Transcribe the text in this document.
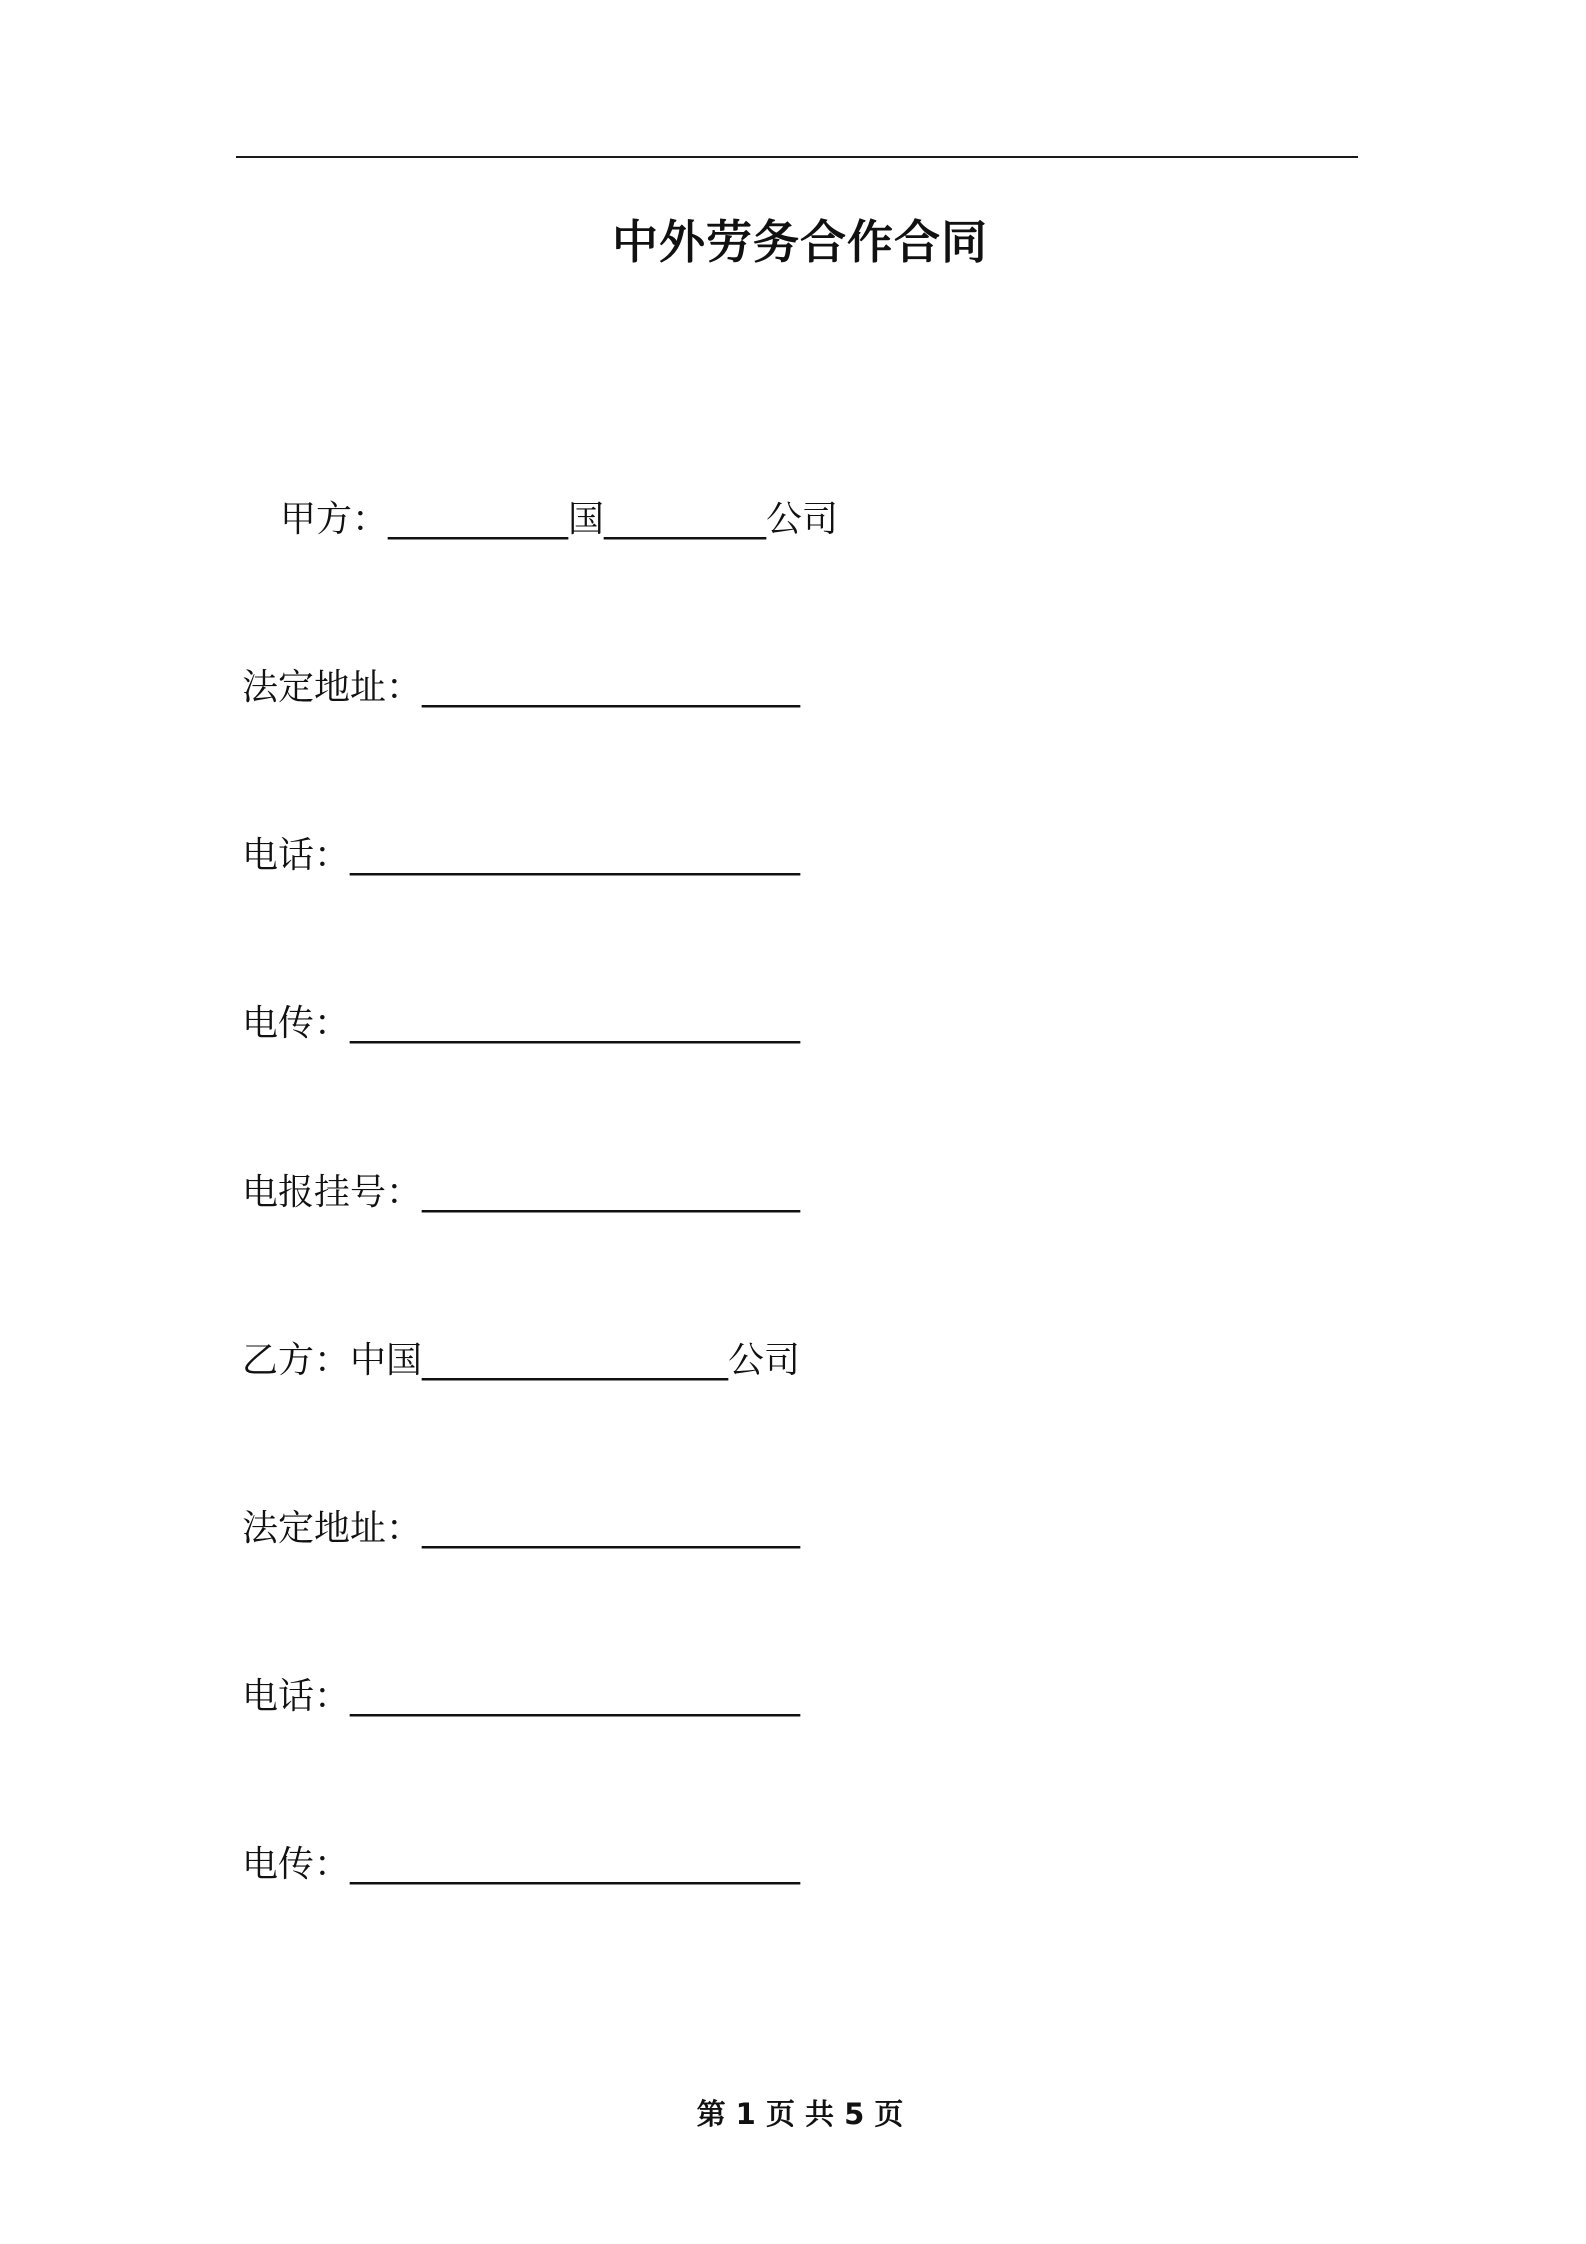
中外劳务合作合同
甲方：__________国_________公司
法定地址：_____________________
电话：_________________________
电传：_________________________
电报挂号：_____________________
乙方：中国_________________公司
法定地址：_____________________
电话：_________________________
电传：_________________________
第 1 页 共 5 页
